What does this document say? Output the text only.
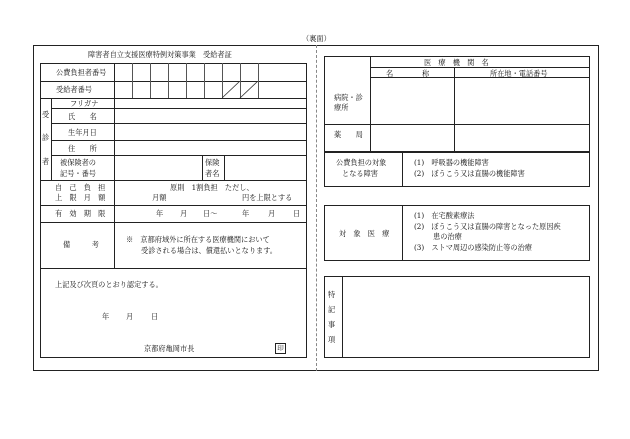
（裏面）
障害者自立支援医療特例対策事業　受給者証
公費負担者番号
受給者番号
受
診
者
フリガナ
氏　　名
生年月日
住　　所
被保険者の
記号・番号
保険
者名
自　己　負　担
上　限　月　額
原則　1割負担　ただし、
月額	円を上限とする
有　効　期　限	年 月 日〜	年	月 日
備　　　考
※　京都府域外に所在する医療機関において
受診される場合は、償還払いとなります。
上記及び次頁のとおり認定する。
年 月 日
京都府亀岡市長	印
医　療　機　関　名
名　　　　称	所在地・電話番号
病院・診
療所
薬　　局
公費負担の対象
となる障害
(1)　呼吸器の機能障害
(2)　ぼうこう又は直腸の機能障害
対　象　医　療
(1)　在宅酸素療法
(2)　ぼうこう又は直腸の障害となった原因疾
患の治療
(3)　ストマ周辺の感染防止等の治療
特
記
事
項
